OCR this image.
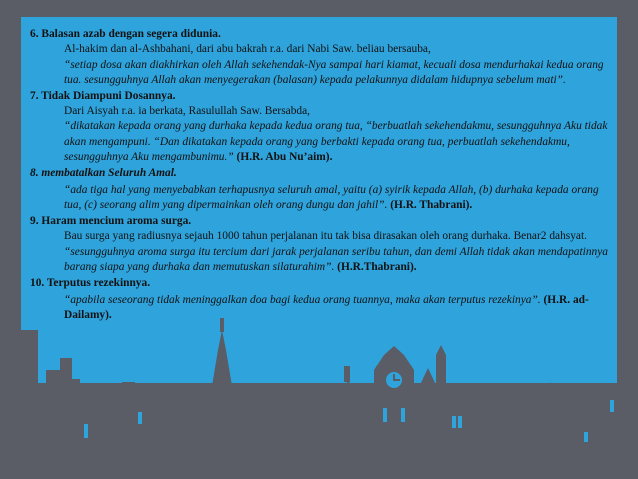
6. Balasan azab dengan segera didunia.

Al-hakim dan al-Ashbahani, dari abu bakrah r.a. dari Nabi Saw. beliau bersauba,

“setiap dosa akan diakhirkan oleh Allah sekehendak-Nya sampai hari kiamat, kecuali dosa mendurhakai kedua orang tua. sesungguhnya Allah akan menyegerakan (balasan) kepada pelakunnya didalam hidupnya sebelum mati”.

7. Tidak Diampuni Dosannya.

Dari Aisyah r.a. ia berkata, Rasulullah Saw. Bersabda,

“dikatakan kepada orang yang durhaka kepada kedua orang tua, “berbuatlah sekehendakmu, sesungguhnya Aku tidak akan mengampuni. “Dan dikatakan kepada orang yang berbakti kepada orang tua, perbuatlah sekehendakmu, sesungguhnya Aku mengambunimu.” (H.R. Abu Nu’aim).

8. membatalkan Seluruh Amal.

“ada tiga hal yang menyebabkan terhapusnya seluruh amal, yaitu (a) syirik kepada Allah, (b) durhaka kepada orang tua, (c) seorang alim yang dipermainkan oleh orang dungu dan jahil”. (H.R. Thabrani).

9. Haram mencium aroma surga.

Bau surga yang radiusnya sejauh 1000 tahun perjalanan itu tak bisa dirasakan oleh orang durhaka. Benar2 dahsyat.

“sesungguhnya aroma surga itu tercium dari jarak perjalanan seribu tahun, dan demi Allah tidak akan mendapatinnya barang siapa yang durhaka dan memutuskan silaturahim”. (H.R.Thabrani).

10. Terputus rezekinnya.

“apabila seseorang tidak meninggalkan doa bagi kedua orang tuannya, maka akan terputus rezekinya”. (H.R. ad-Dailamy).
